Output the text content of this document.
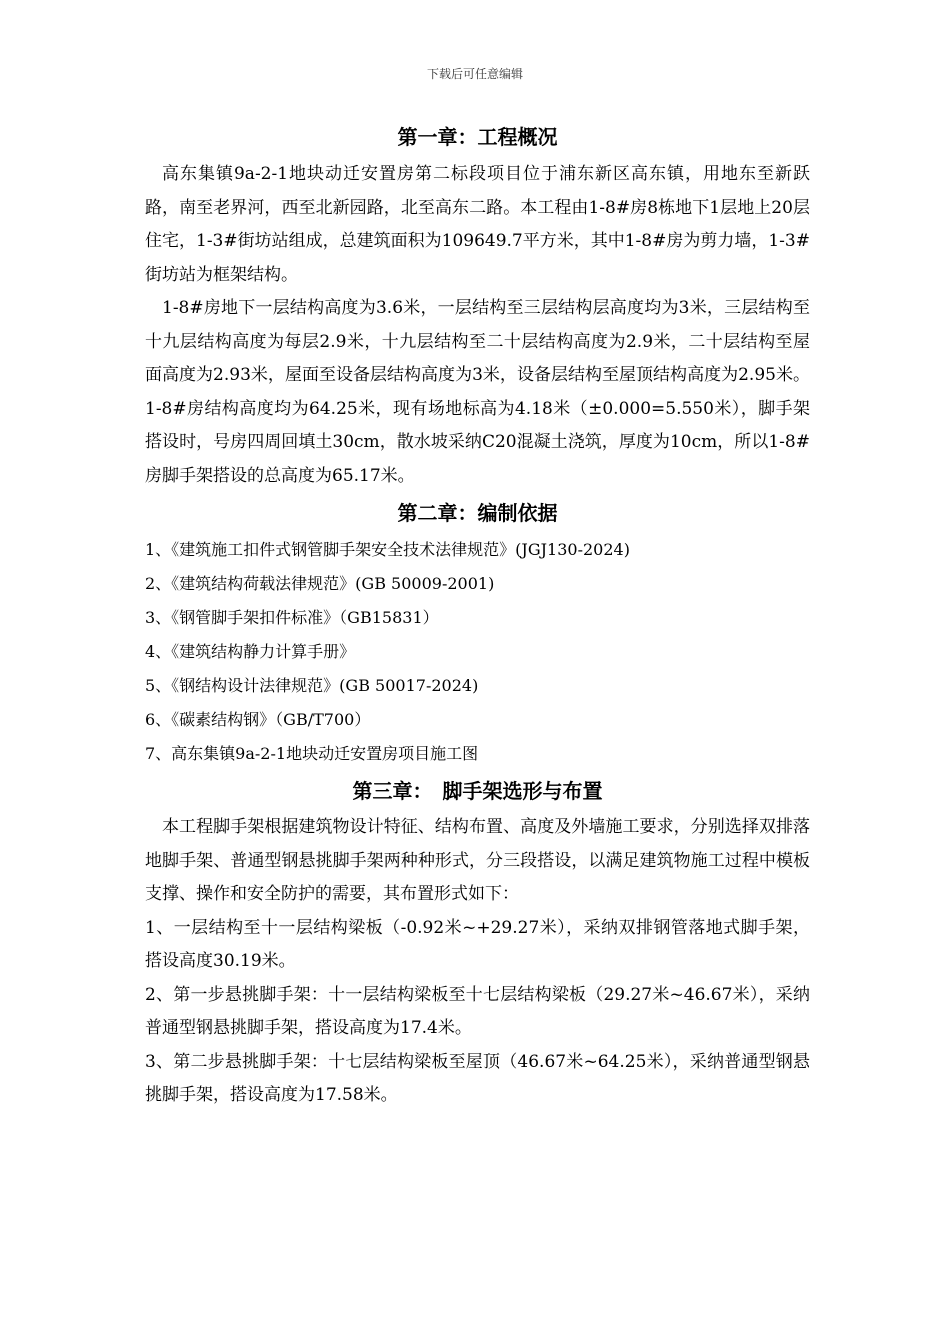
下载后可任意编辑
第一章：工程概况

高东集镇9a-2-1地块动迁安置房第二标段项目位于浦东新区高东镇，用地东至新跃路，南至老界河，西至北新园路，北至高东二路。本工程由1-8#房8栋地下1层地上20层住宅，1-3#街坊站组成，总建筑面积为109649.7平方米，其中1-8#房为剪力墙，1-3#街坊站为框架结构。

1-8#房地下一层结构高度为3.6米，一层结构至三层结构层高度均为3米，三层结构至十九层结构高度为每层2.9米，十九层结构至二十层结构高度为2.9米，二十层结构至屋面高度为2.93米，屋面至设备层结构高度为3米，设备层结构至屋顶结构高度为2.95米。1-8#房结构高度均为64.25米，现有场地标高为4.18米（±0.000=5.550米），脚手架搭设时，号房四周回填土30cm，散水坡采纳C20混凝土浇筑，厚度为10cm，所以1-8#房脚手架搭设的总高度为65.17米。

第二章：编制依据
1、《建筑施工扣件式钢管脚手架安全技术法律规范》(JGJ130-2024)
2、《建筑结构荷载法律规范》(GB 50009-2001)
3、《钢管脚手架扣件标准》（GB15831）
4、《建筑结构静力计算手册》
5、《钢结构设计法律规范》(GB 50017-2024)
6、《碳素结构钢》（GB/T700）
7、高东集镇9a-2-1地块动迁安置房项目施工图
第三章：　脚手架选形与布置

本工程脚手架根据建筑物设计特征、结构布置、高度及外墙施工要求，分别选择双排落地脚手架、普通型钢悬挑脚手架两种种形式，分三段搭设，以满足建筑物施工过程中模板支撑、操作和安全防护的需要，其布置形式如下：

1、一层结构至十一层结构梁板（-0.92米~+29.27米），采纳双排钢管落地式脚手架，搭设高度30.19米。

2、第一步悬挑脚手架：十一层结构梁板至十七层结构梁板（29.27米~46.67米），采纳普通型钢悬挑脚手架，搭设高度为17.4米。

3、第二步悬挑脚手架：十七层结构梁板至屋顶（46.67米~64.25米），采纳普通型钢悬挑脚手架，搭设高度为17.58米。
